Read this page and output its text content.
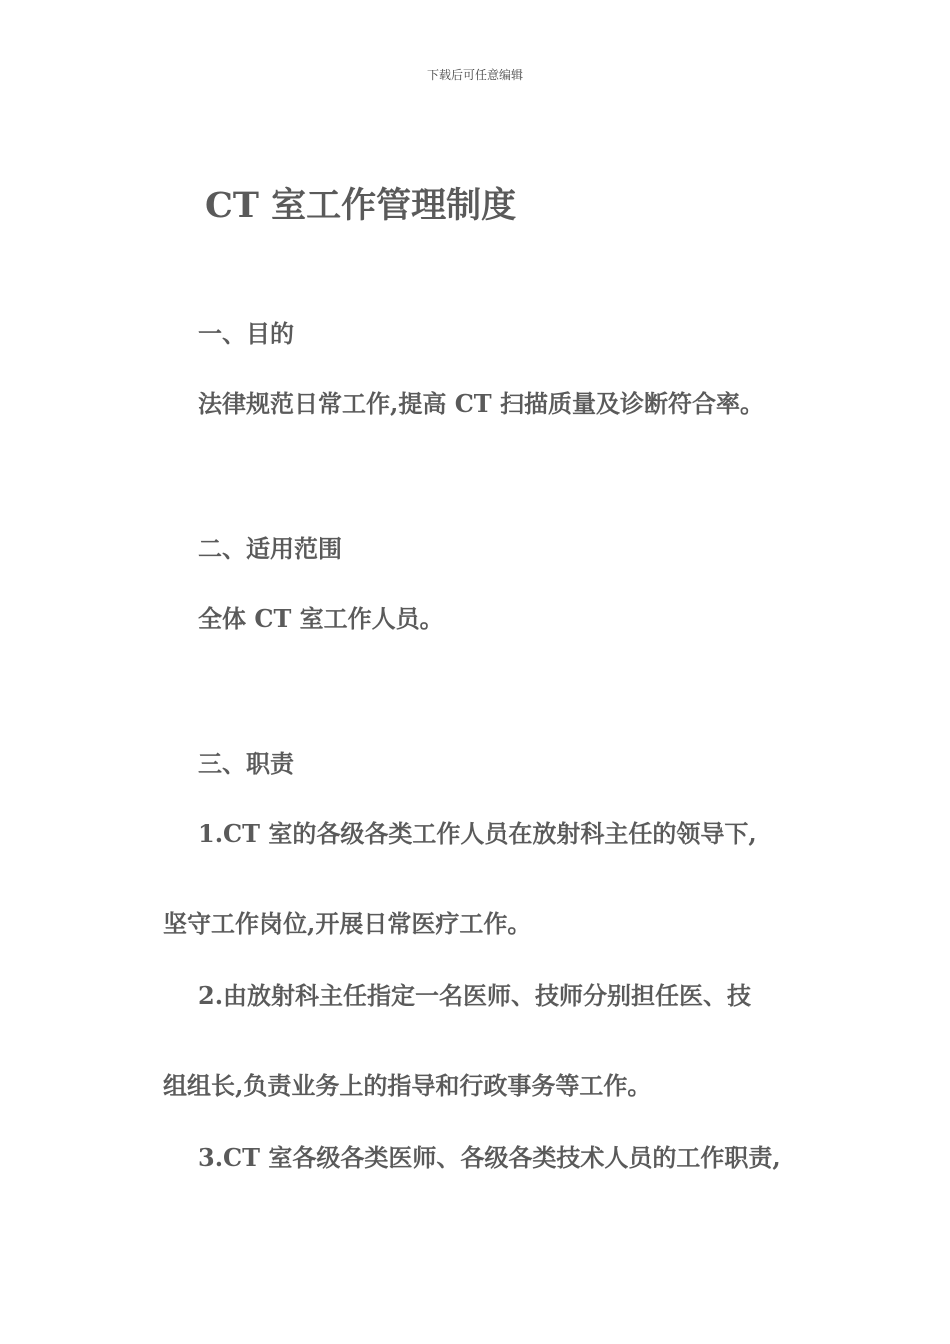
下载后可任意编辑
CT 室工作管理制度
一、目的
法律规范日常工作,提高 CT 扫描质量及诊断符合率。
二、适用范围
全体 CT 室工作人员。
三、职责
1.CT 室的各级各类工作人员在放射科主任的领导下,
坚守工作岗位,开展日常医疗工作。
2.由放射科主任指定一名医师、技师分别担任医、技
组组长,负责业务上的指导和行政事务等工作。
3.CT 室各级各类医师、各级各类技术人员的工作职责,
